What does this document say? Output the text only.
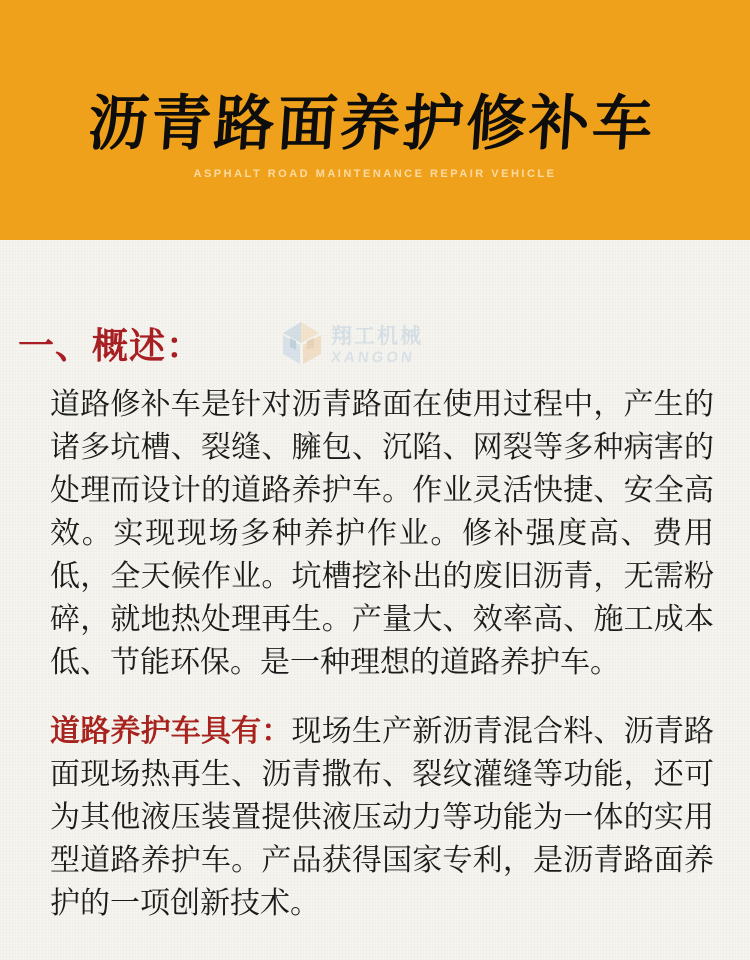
沥青路面养护修补车
ASPHALT ROAD MAINTENANCE REPAIR VEHICLE
翔工机械
XANGON
一、概述：

道路修补车是针对沥青路面在使用过程中，产生的诸多坑槽、裂缝、臃包、沉陷、网裂等多种病害的处理而设计的道路养护车。作业灵活快捷、安全高效。实现现场多种养护作业。修补强度高、费用低，全天候作业。坑槽挖补出的废旧沥青，无需粉碎，就地热处理再生。产量大、效率高、施工成本低、节能环保。是一种理想的道路养护车。

道路养护车具有：现场生产新沥青混合料、沥青路面现场热再生、沥青撒布、裂纹灌缝等功能，还可为其他液压装置提供液压动力等功能为一体的实用型道路养护车。产品获得国家专利，是沥青路面养护的一项创新技术。
